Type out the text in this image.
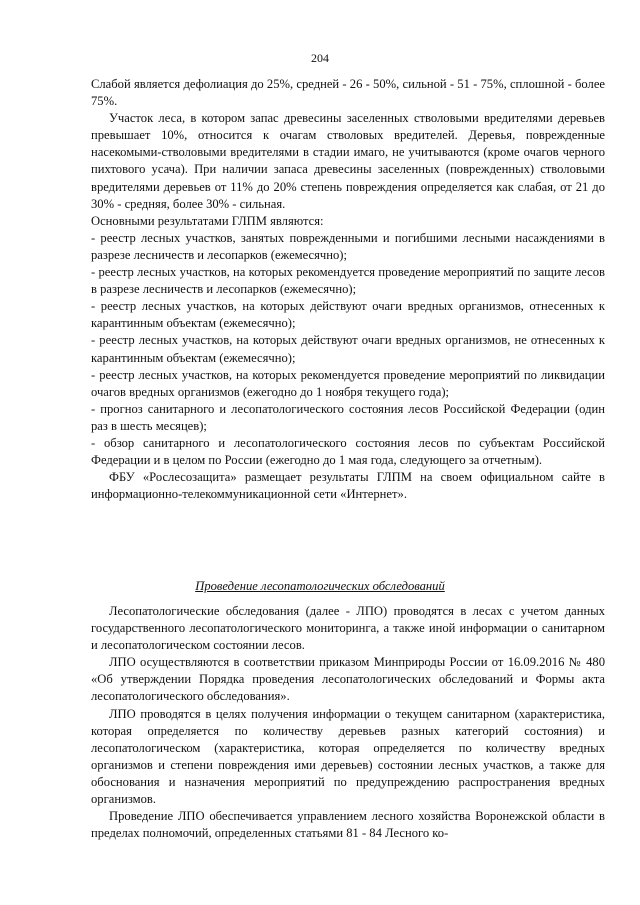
204

Слабой является дефолиация до 25%, средней - 26 - 50%, сильной - 51 - 75%, сплошной - более 75%.

Участок леса, в котором запас древесины заселенных стволовыми вредителями деревьев превышает 10%, относится к очагам стволовых вредителей. Деревья, поврежденные насекомыми-стволовыми вредителями в стадии имаго, не учитываются (кроме очагов черного пихтового усача). При наличии запаса древесины заселенных (поврежденных) стволовыми вредителями деревьев от 11% до 20% степень повреждения определяется как слабая, от 21 до 30% - средняя, более 30% - сильная.

Основными результатами ГЛПМ являются:

- реестр лесных участков, занятых поврежденными и погибшими лесными насаждениями в разрезе лесничеств и лесопарков (ежемесячно);

- реестр лесных участков, на которых рекомендуется проведение мероприятий по защите лесов в разрезе лесничеств и лесопарков (ежемесячно);

- реестр лесных участков, на которых действуют очаги вредных организмов, отнесенных к карантинным объектам (ежемесячно);

- реестр лесных участков, на которых действуют очаги вредных организмов, не отнесенных к карантинным объектам (ежемесячно);

- реестр лесных участков, на которых рекомендуется проведение мероприятий по ликвидации очагов вредных организмов (ежегодно до 1 ноября текущего года);

- прогноз санитарного и лесопатологического состояния лесов Российской Федерации (один раз в шесть месяцев);

- обзор санитарного и лесопатологического состояния лесов по субъектам Российской Федерации и в целом по России (ежегодно до 1 мая года, следующего за отчетным).

ФБУ «Рослесозащита» размещает результаты ГЛПМ на своем официальном сайте в информационно-телекоммуникационной сети «Интернет».

Проведение лесопатологических обследований

Лесопатологические обследования (далее - ЛПО) проводятся в лесах с учетом данных государственного лесопатологического мониторинга, а также иной информации о санитарном и лесопатологическом состоянии лесов.

ЛПО осуществляются в соответствии приказом Минприроды России от 16.09.2016 № 480 «Об утверждении Порядка проведения лесопатологических обследований и Формы акта лесопатологического обследования».

ЛПО проводятся в целях получения информации о текущем санитарном (характеристика, которая определяется по количеству деревьев разных категорий состояния) и лесопатологическом (характеристика, которая определяется по количеству вредных организмов и степени повреждения ими деревьев) состоянии лесных участков, а также для обоснования и назначения мероприятий по предупреждению распространения вредных организмов.

Проведение ЛПО обеспечивается управлением лесного хозяйства Воронежской области в пределах полномочий, определенных статьями 81 - 84 Лесного ко-
